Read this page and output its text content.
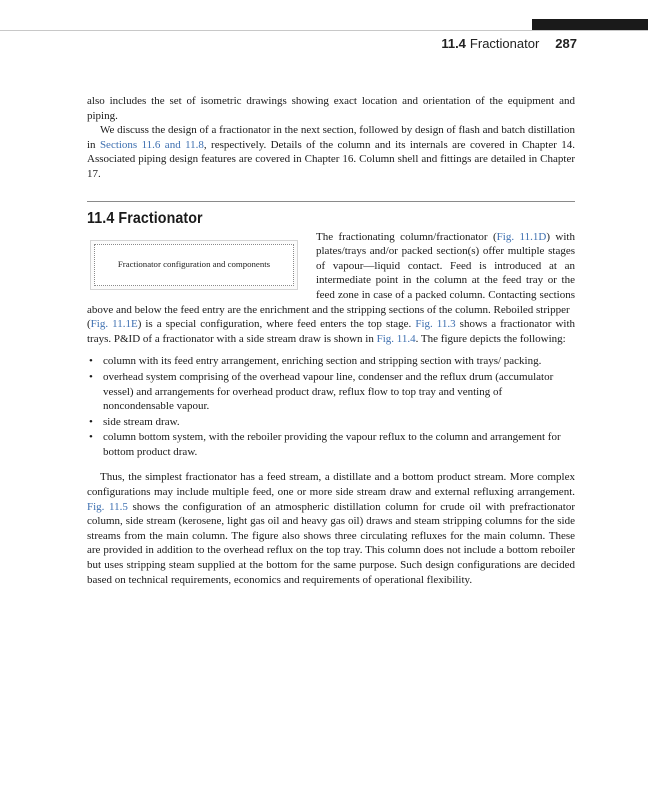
11.4 Fractionator 287

also includes the set of isometric drawings showing exact location and orientation of the equipment and piping.

We discuss the design of a fractionator in the next section, followed by design of flash and batch distillation in Sections 11.6 and 11.8, respectively. Details of the column and its internals are covered in Chapter 14. Associated piping design features are covered in Chapter 16. Column shell and fittings are detailed in Chapter 17.

11.4 Fractionator

The fractionating column/fractionator (Fig. 11.1D
Fractionator configuration and components
) with plates/trays and/or packed section(s) offer multiple stages of vapour—liquid contact. Feed is introduced at an intermediate point in the column at the feed tray or the feed zone in case of a packed column. Contacting sections above and below the feed entry are the enrichment and the stripping sections of the column. Reboiled stripper

(Fig. 11.1E) is a special configuration, where feed enters the top stage. Fig. 11.3 shows a fractionator with trays. P&ID of a fractionator with a side stream draw is shown in Fig. 11.4. The figure depicts the following:

• column with its feed entry arrangement, enriching section and stripping section with trays/ packing.
• overhead system comprising of the overhead vapour line, condenser and the reflux drum (accumulator vessel) and arrangements for overhead product draw, reflux flow to top tray and venting of noncondensable vapour.
• side stream draw.
• column bottom system, with the reboiler providing the vapour reflux to the column and arrangement for bottom product draw.

Thus, the simplest fractionator has a feed stream, a distillate and a bottom product stream. More complex configurations may include multiple feed, one or more side stream draw and external refluxing arrangement. Fig. 11.5 shows the configuration of an atmospheric distillation column for crude oil with prefractionator column, side stream (kerosene, light gas oil and heavy gas oil) draws and steam stripping columns for the side streams from the main column. The figure also shows three circulating refluxes for the main column. These are provided in addition to the overhead reflux on the top tray. This column does not include a bottom reboiler but uses stripping steam supplied at the bottom for the same purpose. Such design configurations are decided based on technical requirements, economics and requirements of operational flexibility.
